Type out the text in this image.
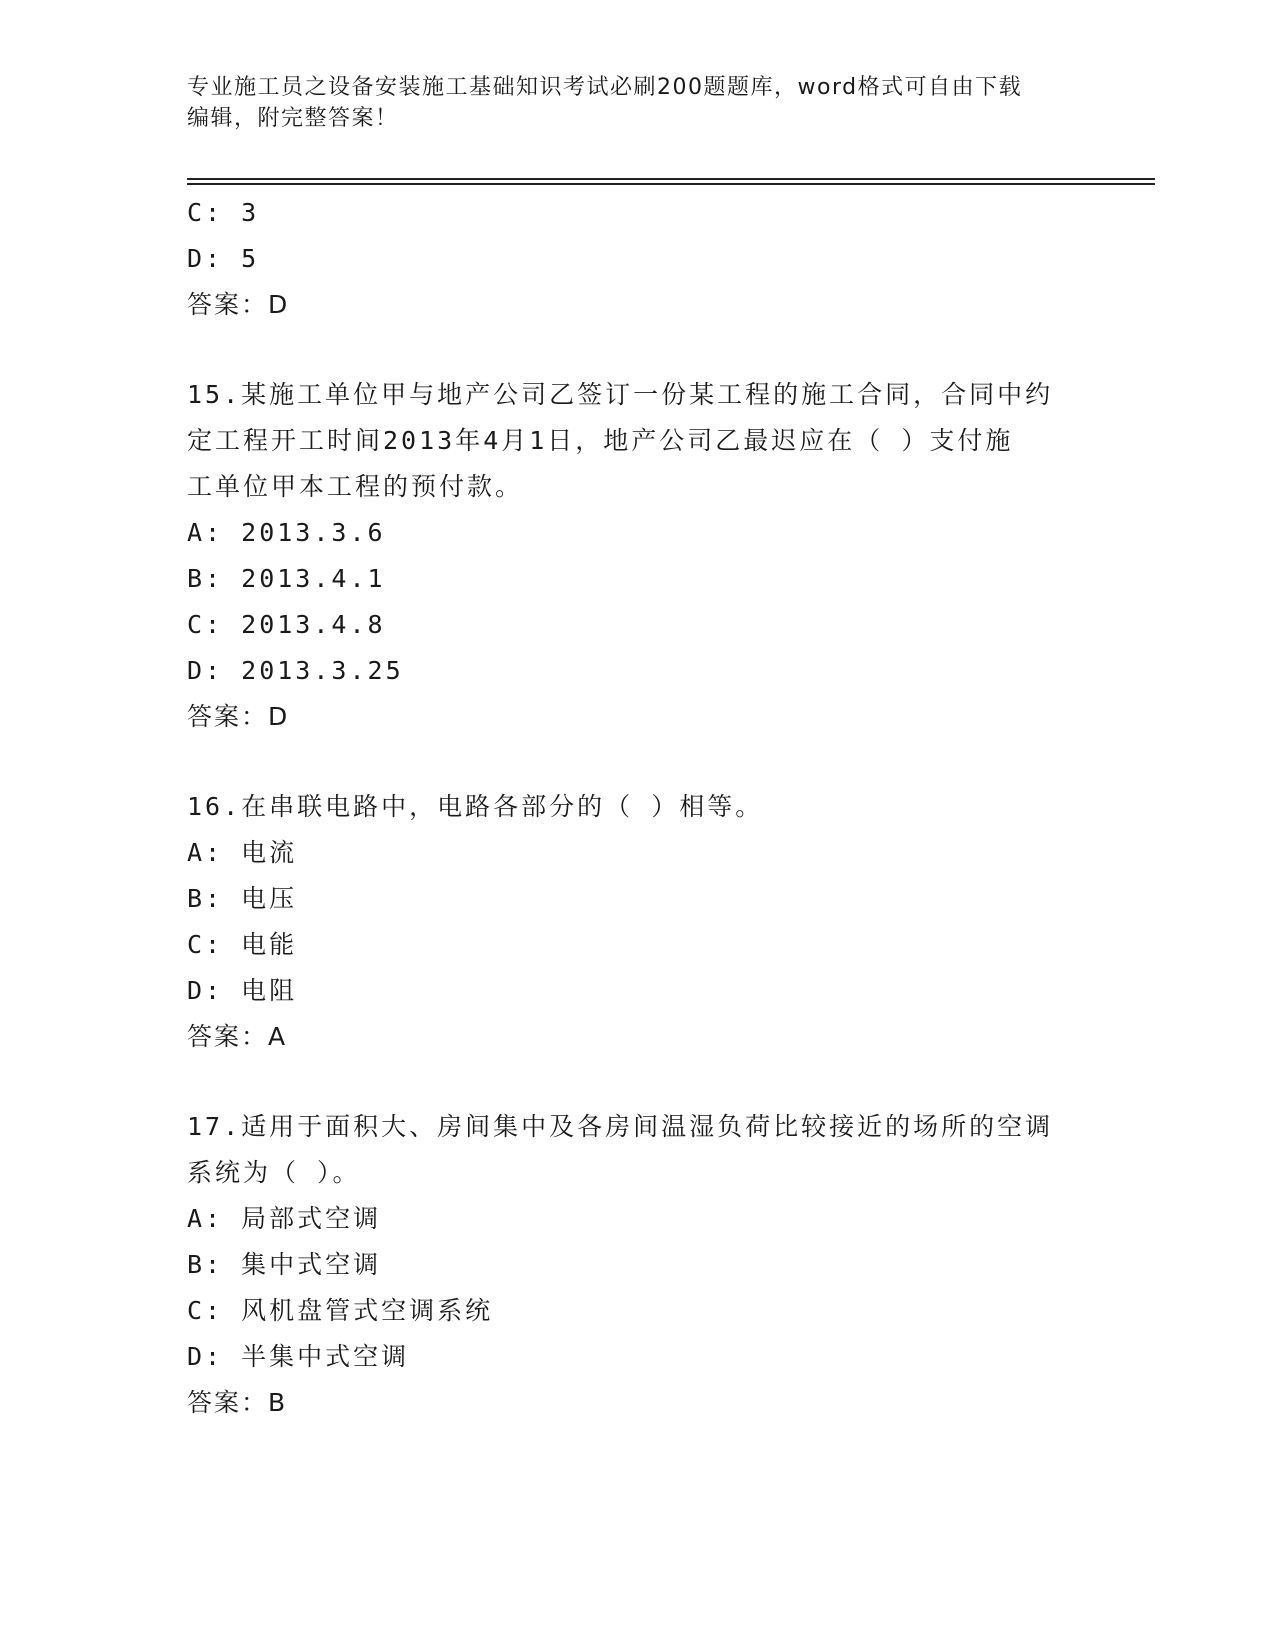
专业施工员之设备安装施工基础知识考试必刷200题题库，word格式可自由下载
编辑，附完整答案！
C: 3
D: 5
答案：D
15.某施工单位甲与地产公司乙签订一份某工程的施工合同，合同中约
定工程开工时间2013年4月1日，地产公司乙最迟应在（ ）支付施
工单位甲本工程的预付款。
A: 2013.3.6
B: 2013.4.1
C: 2013.4.8
D: 2013.3.25
答案：D
16.在串联电路中，电路各部分的（ ）相等。
A: 电流
B: 电压
C: 电能
D: 电阻
答案：A
17.适用于面积大、房间集中及各房间温湿负荷比较接近的场所的空调
系统为（ ）。
A: 局部式空调
B: 集中式空调
C: 风机盘管式空调系统
D: 半集中式空调
答案：B
